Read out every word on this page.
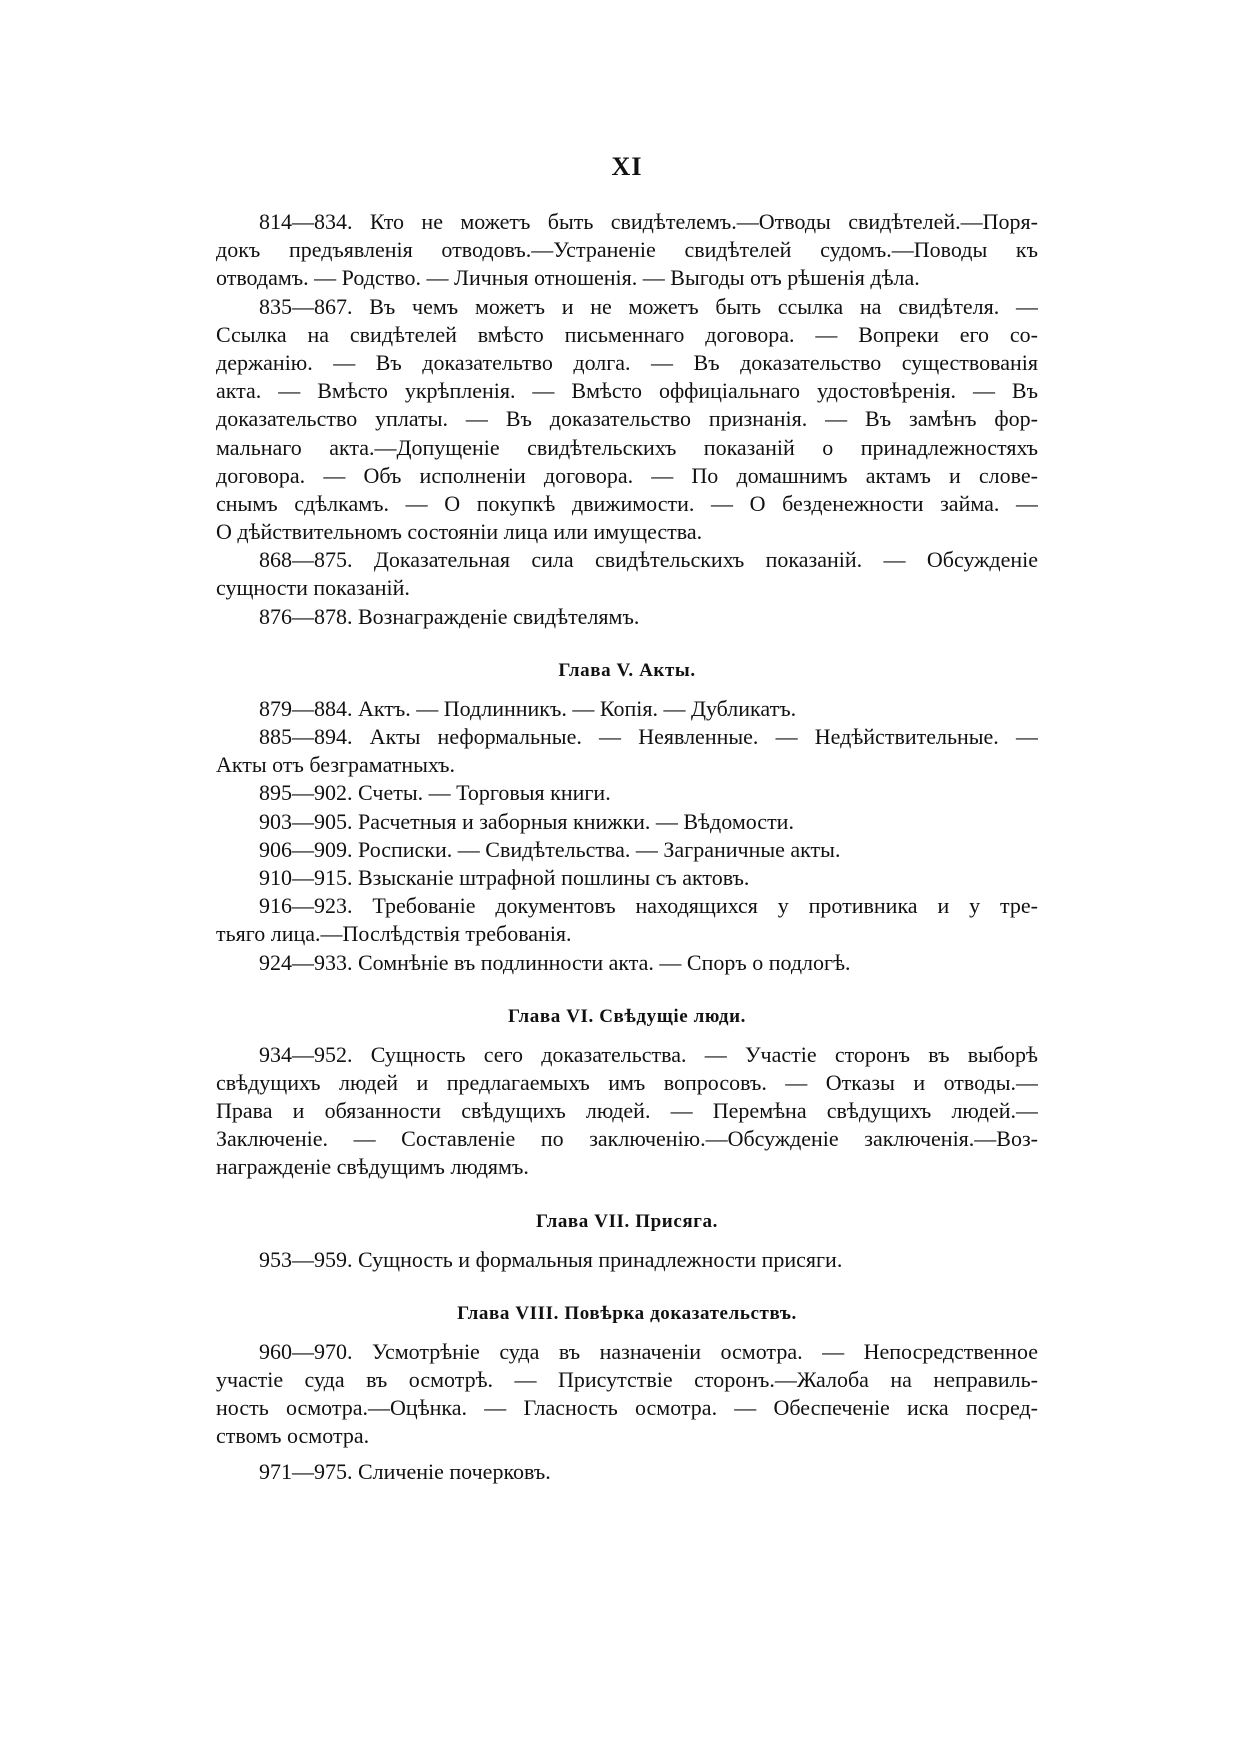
XI
814—834. Кто не можетъ быть свидѣтелемъ.—Отводы свидѣтелей.—Поря-
докъ предъявленія отводовъ.—Устраненіе свидѣтелей судомъ.—Поводы къ
отводамъ. — Родство. — Личныя отношенія. — Выгоды отъ рѣшенія дѣла.
835—867. Въ чемъ можетъ и не можетъ быть ссылка на свидѣтеля. —
Ссылка на свидѣтелей вмѣсто письменнаго договора. — Вопреки его со-
держанію. — Въ доказательтво долга. — Въ доказательство существованія
акта. — Вмѣсто укрѣпленія. — Вмѣсто оффиціальнаго удостовѣренія. — Въ
доказательство уплаты. — Въ доказательство признанія. — Въ замѣнъ фор-
мальнаго акта.—Допущеніе свидѣтельскихъ показаній о принадлежностяхъ
договора. — Объ исполненіи договора. — По домашнимъ актамъ и слове-
снымъ сдѣлкамъ. — О покупкѣ движимости. — О безденежности займа. —
О дѣйствительномъ состояніи лица или имущества.
868—875. Доказательная сила свидѣтельскихъ показаній. — Обсужденіе
сущности показаній.
876—878. Вознагражденіе свидѣтелямъ.
Глава V. Акты.
879—884. Актъ. — Подлинникъ. — Копія. — Дубликатъ.
885—894. Акты неформальные. — Неявленные. — Недѣйствительные. —
Акты отъ безграматныхъ.
895—902. Счеты. — Торговыя книги.
903—905. Расчетныя и заборныя книжки. — Вѣдомости.
906—909. Росписки. — Свидѣтельства. — Заграничные акты.
910—915. Взысканіе штрафной пошлины съ актовъ.
916—923. Требованіе документовъ находящихся у противника и у тре-
тьяго лица.—Послѣдствія требованія.
924—933. Сомнѣніе въ подлинности акта. — Споръ о подлогѣ.
Глава VI. Свѣдущіе люди.
934—952. Сущность сего доказательства. — Участіе сторонъ въ выборѣ
свѣдущихъ людей и предлагаемыхъ имъ вопросовъ. — Отказы и отводы.—
Права и обязанности свѣдущихъ людей. — Перемѣна свѣдущихъ людей.—
Заключеніе. — Составленіе по заключенію.—Обсужденіе заключенія.—Воз-
награжденіе свѣдущимъ людямъ.
Глава VII. Присяга.
953—959. Сущность и формальныя принадлежности присяги.
Глава VIII. Повѣрка доказательствъ.
960—970. Усмотрѣніе суда въ назначеніи осмотра. — Непосредственное
участіе суда въ осмотрѣ. — Присутствіе сторонъ.—Жалоба на неправиль-
ность осмотра.—Оцѣнка. — Гласность осмотра. — Обеспеченіе иска посред-
ствомъ осмотра.
971—975. Сличеніе почерковъ.
